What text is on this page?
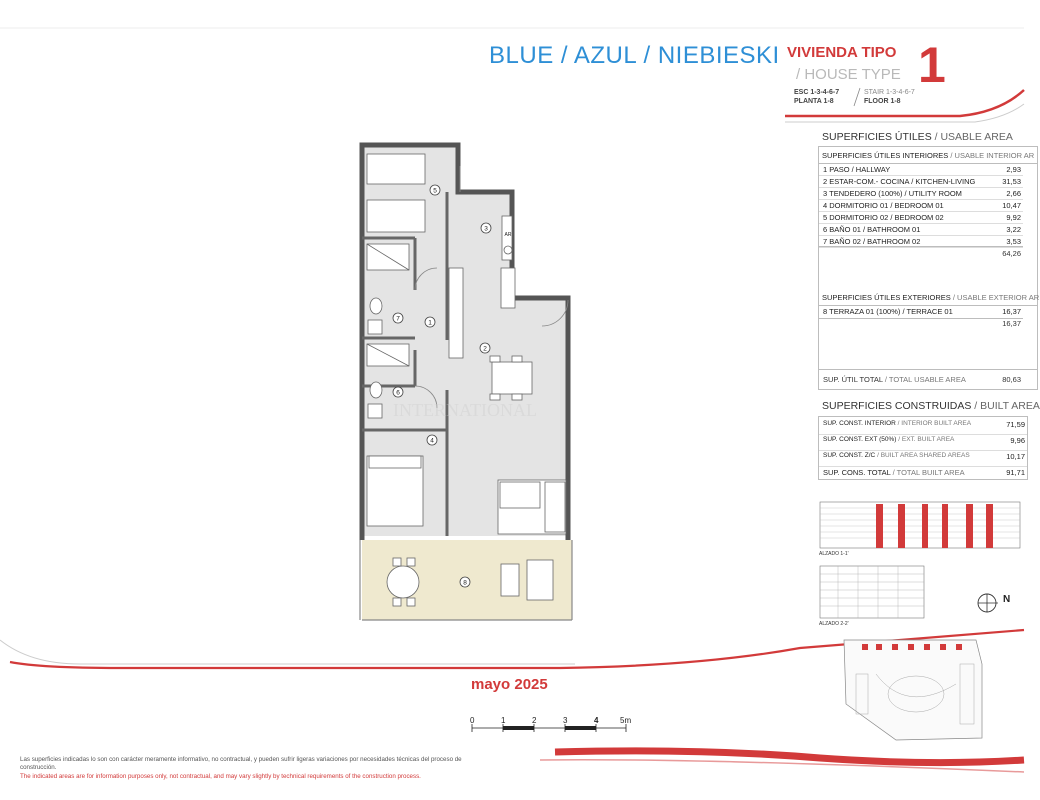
BLUE / AZUL / NIEBIESKI VIVIENDA TIPO
/ HOUSE TYPE 1
ESC 1-3-4-6-7
PLANTA 1-8
STAIR 1-3-4-6-7
FLOOR 1-8
SUPERFICIES ÚTILES / USABLE AREA
SUPERFICIES ÚTILES INTERIORES / USABLE INTERIOR AR
1 PASO / HALLWAY	2,93
2 ESTAR-COM.- COCINA / KITCHEN-LIVING	31,53
3 TENDEDERO (100%) / UTILITY ROOM	2,66
4 DORMITORIO 01 / BEDROOM 01	10,47
5 DORMITORIO 02 / BEDROOM 02	9,92
6 BAÑO 01 / BATHROOM 01	3,22
7 BAÑO 02 / BATHROOM 02	3,53
64,26
SUPERFICIES ÚTILES EXTERIORES / USABLE EXTERIOR AR
8 TERRAZA 01 (100%) / TERRACE 01	16,37
16,37
SUP. ÚTIL TOTAL / TOTAL USABLE AREA	80,63
SUPERFICIES CONSTRUIDAS / BUILT AREA
SUP. CONST. INTERIOR / INTERIOR BUILT AREA	71,59
SUP. CONST. EXT (50%) / EXT. BUILT AREA	9,96
SUP. CONST. Z/C / BUILT AREA SHARED AREAS	10,17
SUP. CONS. TOTAL / TOTAL BUILT AREA	91,71
ALZADO 1-1'
ALZADO 2-2'
N
1
2
3
4
5
6
7
8
AR
INTERNATIONAL
mayo 2025
0	1	2	3	4	5m
Las superficies indicadas lo son con carácter meramente informativo, no contractual, y pueden sufrir ligeras variaciones por necesidades técnicas del proceso de
construcción.
The indicated areas are for information purposes only, not contractual, and may vary slightly by technical requirements of the construction process.
